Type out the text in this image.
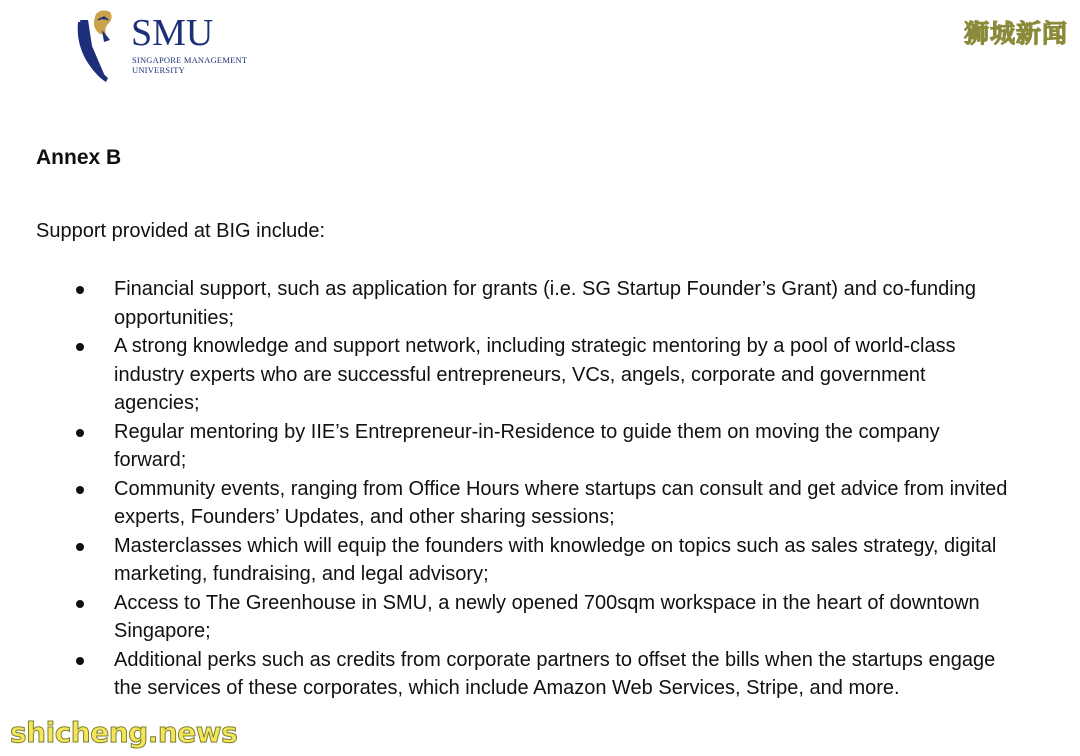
SMU
SINGAPORE MANAGEMENT
UNIVERSITY
狮城新闻
Annex B
Support provided at BIG include:
Financial support, such as application for grants (i.e. SG Startup Founder’s Grant) and co-funding opportunities;
A strong knowledge and support network, including strategic mentoring by a pool of world-class industry experts who are successful entrepreneurs, VCs, angels, corporate and government agencies;
Regular mentoring by IIE’s Entrepreneur-in-Residence to guide them on moving the company forward;
Community events, ranging from Office Hours where startups can consult and get advice from invited experts, Founders’ Updates, and other sharing sessions;
Masterclasses which will equip the founders with knowledge on topics such as sales strategy, digital marketing, fundraising, and legal advisory;
Access to The Greenhouse in SMU, a newly opened 700sqm workspace in the heart of downtown Singapore;
Additional perks such as credits from corporate partners to offset the bills when the startups engage the services of these corporates, which include Amazon Web Services, Stripe, and more.
shicheng.news
